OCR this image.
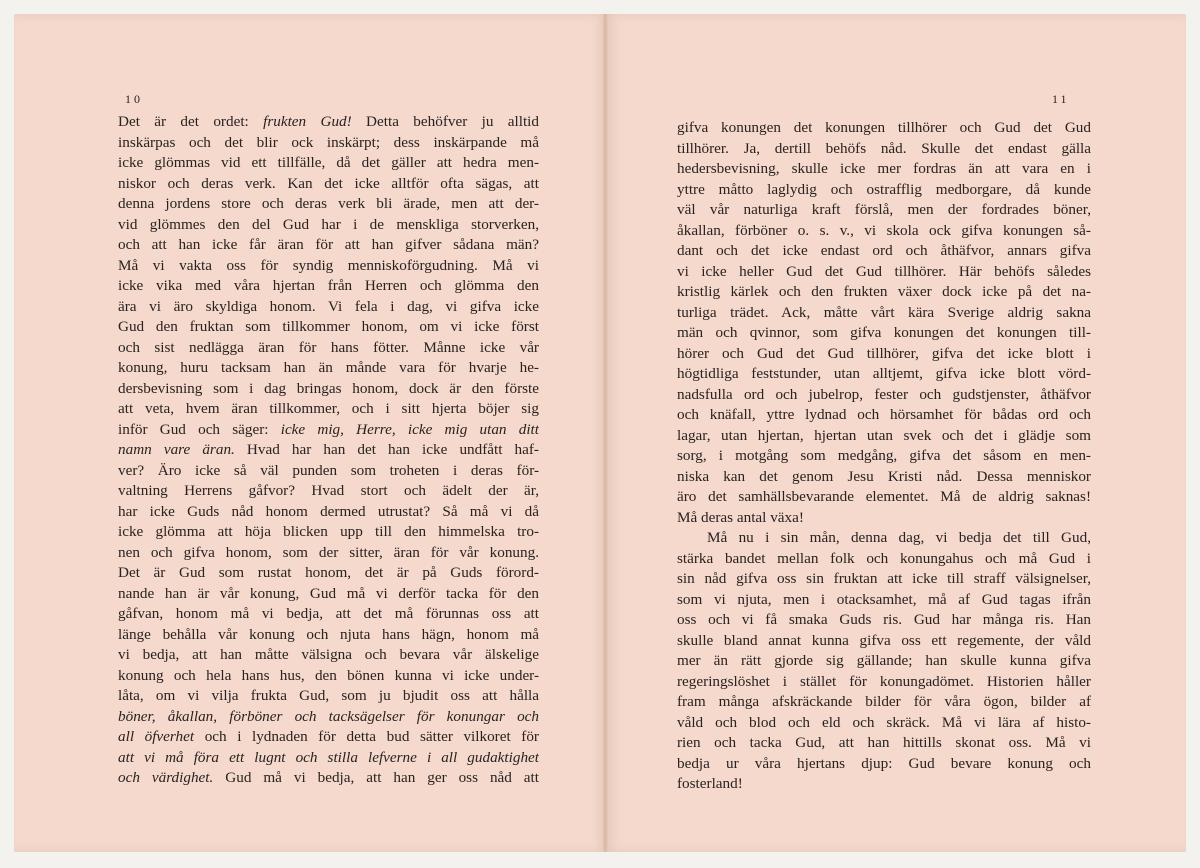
10	11
Det är det ordet: frukten Gud! Detta behöfver ju alltid
inskärpas och det blir ock inskärpt; dess inskärpande må
icke glömmas vid ett tillfälle, då det gäller att hedra men-
niskor och deras verk. Kan det icke alltför ofta sägas, att
denna jordens store och deras verk bli ärade, men att der-
vid glömmes den del Gud har i de menskliga storverken,
och att han icke får äran för att han gifver sådana män?
Må vi vakta oss för syndig menniskoförgudning. Må vi
icke vika med våra hjertan från Herren och glömma den
ära vi äro skyldiga honom. Vi fela i dag, vi gifva icke
Gud den fruktan som tillkommer honom, om vi icke först
och sist nedlägga äran för hans fötter. Månne icke vår
konung, huru tacksam han än månde vara för hvarje he-
dersbevisning som i dag bringas honom, dock är den förste
att veta, hvem äran tillkommer, och i sitt hjerta böjer sig
inför Gud och säger: icke mig, Herre, icke mig utan ditt
namn vare äran. Hvad har han det han icke undfått haf-
ver? Äro icke så väl punden som troheten i deras för-
valtning Herrens gåfvor? Hvad stort och ädelt der är,
har icke Guds nåd honom dermed utrustat? Så må vi då
icke glömma att höja blicken upp till den himmelska tro-
nen och gifva honom, som der sitter, äran för vår konung.
Det är Gud som rustat honom, det är på Guds förord-
nande han är vår konung, Gud må vi derför tacka för den
gåfvan, honom må vi bedja, att det må förunnas oss att
länge behålla vår konung och njuta hans hägn, honom må
vi bedja, att han måtte välsigna och bevara vår älskelige
konung och hela hans hus, den bönen kunna vi icke under-
låta, om vi vilja frukta Gud, som ju bjudit oss att hålla
böner, åkallan, förböner och tacksägelser för konungar och
all öfverhet och i lydnaden för detta bud sätter vilkoret för
att vi må föra ett lugnt och stilla lefverne i all gudaktighet
och värdighet. Gud må vi bedja, att han ger oss nåd att
gifva konungen det konungen tillhörer och Gud det Gud
tillhörer. Ja, dertill behöfs nåd. Skulle det endast gälla
hedersbevisning, skulle icke mer fordras än att vara en i
yttre måtto laglydig och ostrafflig medborgare, då kunde
väl vår naturliga kraft förslå, men der fordrades böner,
åkallan, förböner o. s. v., vi skola ock gifva konungen så-
dant och det icke endast ord och åthäfvor, annars gifva
vi icke heller Gud det Gud tillhörer. Här behöfs således
kristlig kärlek och den frukten växer dock icke på det na-
turliga trädet. Ack, måtte vårt kära Sverige aldrig sakna
män och qvinnor, som gifva konungen det konungen till-
hörer och Gud det Gud tillhörer, gifva det icke blott i
högtidliga feststunder, utan alltjemt, gifva icke blott vörd-
nadsfulla ord och jubelrop, fester och gudstjenster, åthäfvor
och knäfall, yttre lydnad och hörsamhet för bådas ord och
lagar, utan hjertan, hjertan utan svek och det i glädje som
sorg, i motgång som medgång, gifva det såsom en men-
niska kan det genom Jesu Kristi nåd. Dessa menniskor
äro det samhällsbevarande elementet. Må de aldrig saknas!
Må deras antal växa!
Må nu i sin mån, denna dag, vi bedja det till Gud,
stärka bandet mellan folk och konungahus och må Gud i
sin nåd gifva oss sin fruktan att icke till straff välsignelser,
som vi njuta, men i otacksamhet, må af Gud tagas ifrån
oss och vi få smaka Guds ris. Gud har många ris. Han
skulle bland annat kunna gifva oss ett regemente, der våld
mer än rätt gjorde sig gällande; han skulle kunna gifva
regeringslöshet i stället för konungadömet. Historien håller
fram många afskräckande bilder för våra ögon, bilder af
våld och blod och eld och skräck. Må vi lära af histo-
rien och tacka Gud, att han hittills skonat oss. Må vi
bedja ur våra hjertans djup: Gud bevare konung och
fosterland!
